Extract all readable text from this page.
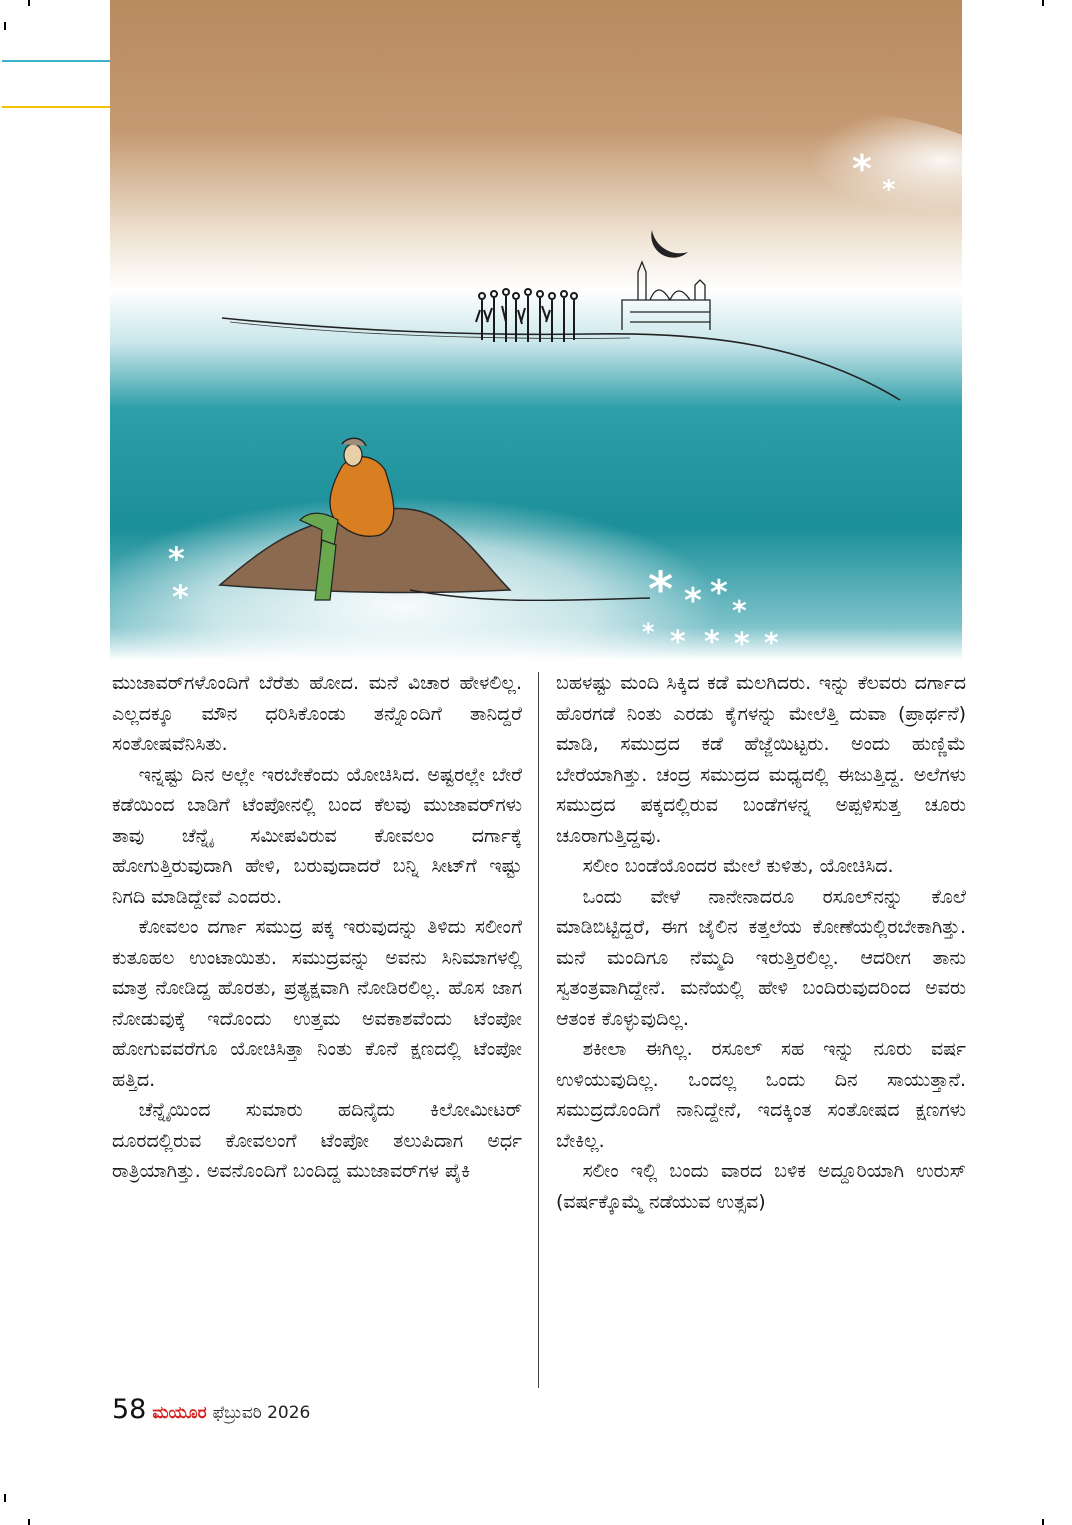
* *
*
*	* * * *
* * * * *

ಮುಜಾವರ್‌ಗಳೊಂದಿಗೆ ಬೆರೆತು ಹೋದ. ಮನೆ ವಿಚಾರ ಹೇಳಲಿಲ್ಲ. ಎಲ್ಲದಕ್ಕೂ ಮೌನ ಧರಿಸಿಕೊಂಡು ತನ್ನೊಂದಿಗೆ ತಾನಿದ್ದರೆ ಸಂತೋಷವೆನಿಸಿತು.

ಇನ್ನಷ್ಟು ದಿನ ಅಲ್ಲೇ ಇರಬೇಕೆಂದು ಯೋಚಿಸಿದ. ಅಷ್ಟರಲ್ಲೇ ಬೇರೆ ಕಡೆಯಿಂದ ಬಾಡಿಗೆ ಟೆಂಪೋನಲ್ಲಿ ಬಂದ ಕೆಲವು ಮುಜಾವರ್‌ಗಳು ತಾವು ಚೆನ್ನೈ ಸಮೀಪವಿರುವ ಕೋವಲಂ ದರ್ಗಾಕ್ಕೆ ಹೋಗುತ್ತಿರುವುದಾಗಿ ಹೇಳಿ, ಬರುವುದಾದರೆ ಬನ್ನಿ ಸೀಟ್‌ಗೆ ಇಷ್ಟು ನಿಗದಿ ಮಾಡಿದ್ದೇವೆ ಎಂದರು.

ಕೋವಲಂ ದರ್ಗಾ ಸಮುದ್ರ ಪಕ್ಕ ಇರುವುದನ್ನು ತಿಳಿದು ಸಲೀಂಗೆ ಕುತೂಹಲ ಉಂಟಾಯಿತು. ಸಮುದ್ರವನ್ನು ಅವನು ಸಿನಿಮಾಗಳಲ್ಲಿ ಮಾತ್ರ ನೋಡಿದ್ದ ಹೊರತು, ಪ್ರತ್ಯಕ್ಷವಾಗಿ ನೋಡಿರಲಿಲ್ಲ. ಹೊಸ ಜಾಗ ನೋಡುವುಕ್ಕೆ ಇದೊಂದು ಉತ್ತಮ ಅವಕಾಶವೆಂದು ಟೆಂಪೋ ಹೋಗುವವರೆಗೂ ಯೋಚಿಸಿತ್ತಾ ನಿಂತು ಕೊನೆ ಕ್ಷಣದಲ್ಲಿ ಟೆಂಪೋ ಹತ್ತಿದ.

ಚೆನ್ನೈಯಿಂದ ಸುಮಾರು ಹದಿನೈದು ಕಿಲೋಮೀಟರ್ ದೂರದಲ್ಲಿರುವ ಕೋವಲಂಗೆ ಟೆಂಪೋ ತಲುಪಿದಾಗ ಅರ್ಧ ರಾತ್ರಿಯಾಗಿತ್ತು. ಅವನೊಂದಿಗೆ ಬಂದಿದ್ದ ಮುಜಾವರ್‌ಗಳ ಪೈಕಿ

ಬಹಳಷ್ಟು ಮಂದಿ ಸಿಕ್ಕಿದ ಕಡೆ ಮಲಗಿದರು. ಇನ್ನು ಕೆಲವರು ದರ್ಗಾದ ಹೊರಗಡೆ ನಿಂತು ಎರಡು ಕೈಗಳನ್ನು ಮೇಲೆತ್ತಿ ದುವಾ (ಪ್ರಾರ್ಥನೆ) ಮಾಡಿ, ಸಮುದ್ರದ ಕಡೆ ಹೆಜ್ಜೆಯಿಟ್ಟರು. ಅಂದು ಹುಣ್ಣಿಮೆ ಬೇರೆಯಾಗಿತ್ತು. ಚಂದ್ರ ಸಮುದ್ರದ ಮಧ್ಯದಲ್ಲಿ ಈಜುತ್ತಿದ್ದ. ಅಲೆಗಳು ಸಮುದ್ರದ ಪಕ್ಕದಲ್ಲಿರುವ ಬಂಡೆಗಳನ್ನ ಅಪ್ಪಳಿಸುತ್ತ ಚೂರು ಚೂರಾಗುತ್ತಿದ್ದವು.

ಸಲೀಂ ಬಂಡೆಯೊಂದರ ಮೇಲೆ ಕುಳಿತು, ಯೋಚಿಸಿದ.

ಒಂದು ವೇಳೆ ನಾನೇನಾದರೂ ರಸೂಲ್‌ನನ್ನು ಕೊಲೆ ಮಾಡಿಬಿಟ್ಟಿದ್ದರೆ, ಈಗ ಜೈಲಿನ ಕತ್ತಲೆಯ ಕೋಣೆಯಲ್ಲಿರಬೇಕಾಗಿತ್ತು. ಮನೆ ಮಂದಿಗೂ ನೆಮ್ಮದಿ ಇರುತ್ತಿರಲಿಲ್ಲ. ಆದರೀಗ ತಾನು ಸ್ವತಂತ್ರವಾಗಿದ್ದೇನೆ. ಮನೆಯಲ್ಲಿ ಹೇಳಿ ಬಂದಿರುವುದರಿಂದ ಅವರು ಆತಂಕ ಕೊಳ್ಳುವುದಿಲ್ಲ.

ಶಕೀಲಾ ಈಗಿಲ್ಲ. ರಸೂಲ್ ಸಹ ಇನ್ನು ನೂರು ವರ್ಷ ಉಳಿಯುವುದಿಲ್ಲ. ಒಂದಲ್ಲ ಒಂದು ದಿನ ಸಾಯುತ್ತಾನೆ. ಸಮುದ್ರದೊಂದಿಗೆ ನಾನಿದ್ದೇನೆ, ಇದಕ್ಕಿಂತ ಸಂತೋಷದ ಕ್ಷಣಗಳು ಬೇಕಿಲ್ಲ.

ಸಲೀಂ ಇಲ್ಲಿ ಬಂದು ವಾರದ ಬಳಿಕ ಅದ್ದೂರಿಯಾಗಿ ಉರುಸ್ (ವರ್ಷಕ್ಕೊಮ್ಮೆ ನಡೆಯುವ ಉತ್ಸವ)

58 ಮಯೂರ ಫೆಬ್ರುವರಿ 2026
